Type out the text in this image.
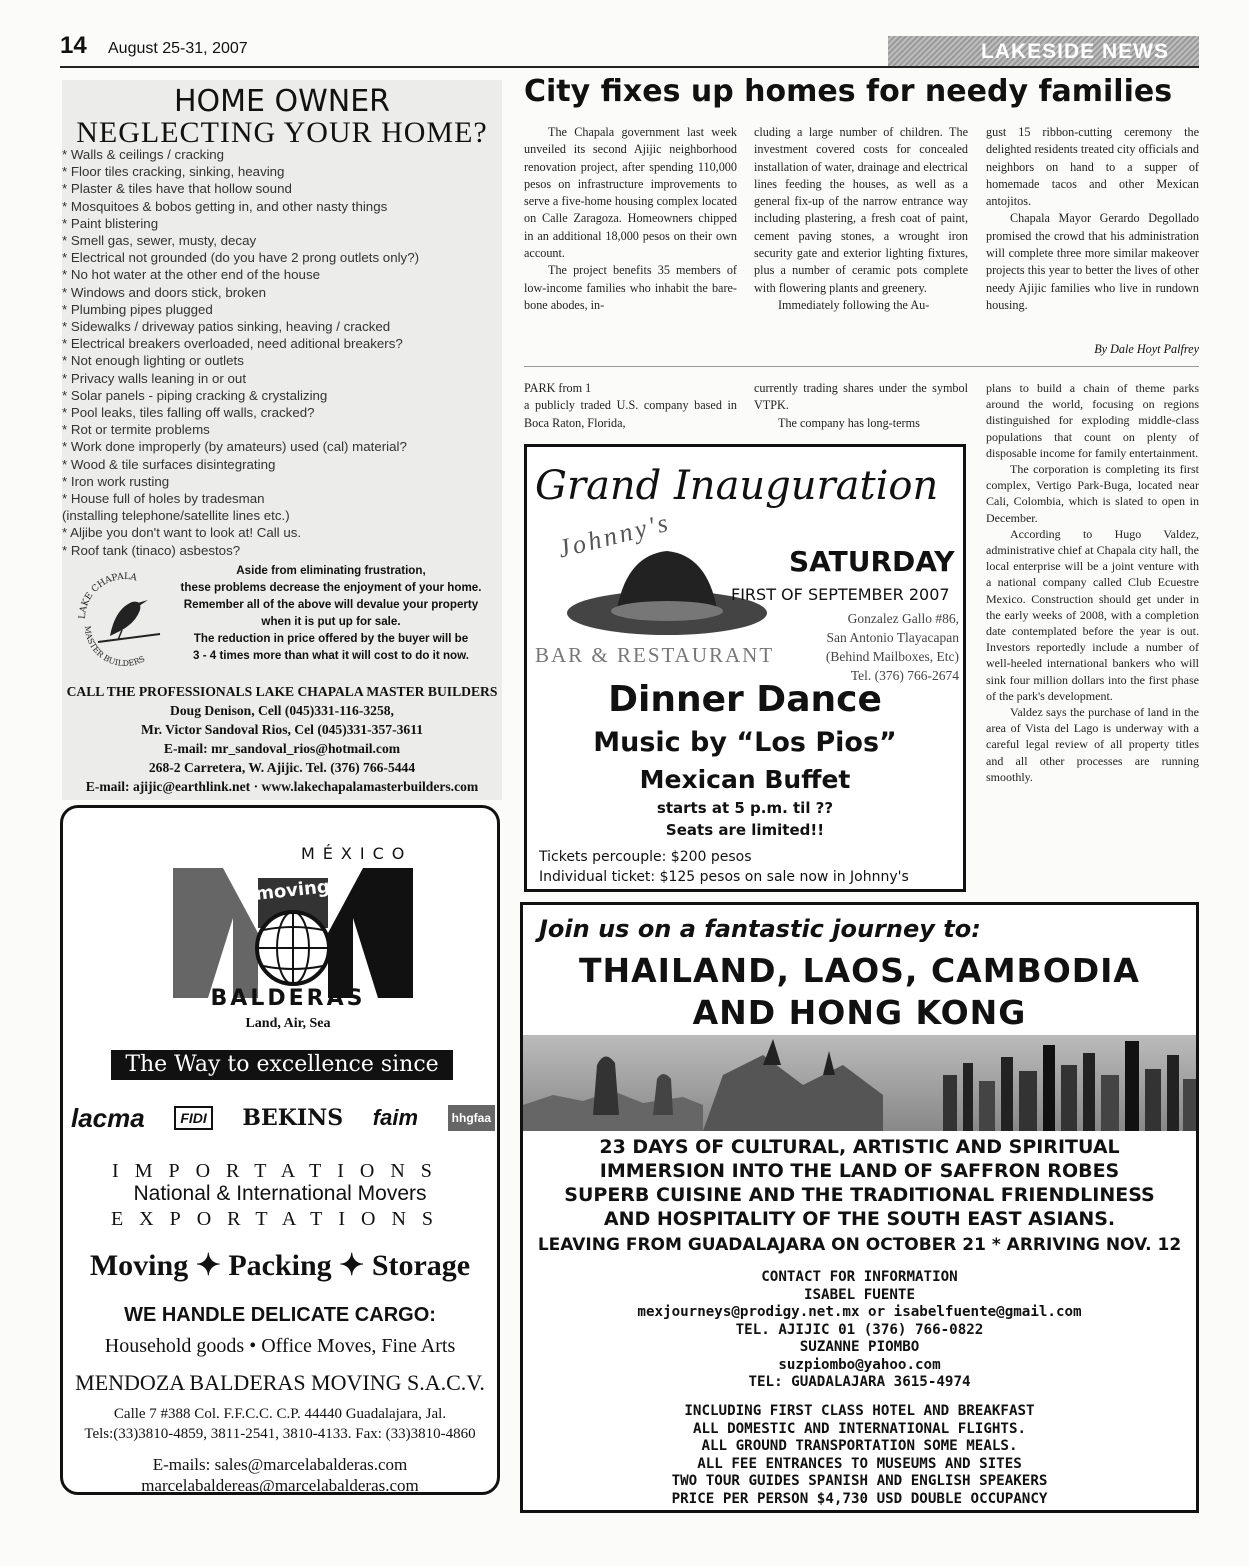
14 August 25-31, 2007	LAKESIDE NEWS
HOME OWNER
NEGLECTING YOUR HOME?
* Walls & ceilings / cracking
* Floor tiles cracking, sinking, heaving
* Plaster & tiles have that hollow sound
* Mosquitoes & bobos getting in, and other nasty things
* Paint blistering
* Smell gas, sewer, musty, decay
* Electrical not grounded (do you have 2 prong outlets only?)
* No hot water at the other end of the house
* Windows and doors stick, broken
* Plumbing pipes plugged
* Sidewalks / driveway patios sinking, heaving / cracked
* Electrical breakers overloaded, need aditional breakers?
* Not enough lighting or outlets
* Privacy walls leaning in or out
* Solar panels - piping cracking & crystalizing
* Pool leaks, tiles falling off walls, cracked?
* Rot or termite problems
* Work done improperly (by amateurs) used (cal) material?
* Wood & tile surfaces disintegrating
* Iron work rusting
* House full of holes by tradesman
(installing telephone/satellite lines etc.)
* Aljibe you don't want to look at! Call us.
* Roof tank (tinaco) asbestos?
LAKE CHAPALA
MASTER BUILDERS
Aside from eliminating frustration,
these problems decrease the enjoyment of your home.
Remember all of the above will devalue your property
when it is put up for sale.
The reduction in price offered by the buyer will be
3 - 4 times more than what it will cost to do it now.
CALL THE PROFESSIONALS LAKE CHAPALA MASTER BUILDERS
Doug Denison, Cell (045)331-116-3258,
Mr. Victor Sandoval Rios, Cel (045)331-357-3611
E-mail: mr_sandoval_rios@hotmail.com
268-2 Carretera, W. Ajijic. Tel. (376) 766-5444
E-mail: ajijic@earthlink.net · www.lakechapalamasterbuilders.com
moving
MÉXICO
BALDERAS
Land, Air, Sea
The Way to excellence since 1950
lacma	FIDI BEKINS faim	hhgfaa
IMPORTATIONS
National & International Movers
EXPORTATIONS
Moving ✦ Packing ✦ Storage
WE HANDLE DELICATE CARGO:
Household goods • Office Moves, Fine Arts
MENDOZA BALDERAS MOVING S.A.C.V.
Calle 7 #388 Col. F.F.C.C. C.P. 44440 Guadalajara, Jal.
Tels:(33)3810-4859, 3811-2541, 3810-4133. Fax: (33)3810-4860
E-mails: sales@marcelabalderas.com
marcelabaldereas@marcelabalderas.com
City fixes up homes for needy families

The Chapala government last week unveiled its second Ajijic neighborhood renovation project, after spending 110,000 pesos on infrastructure improvements to serve a five-home housing complex located on Calle Zaragoza. Homeowners chipped in an additional 18,000 pesos on their own account.

The project benefits 35 members of low-income families who inhabit the bare-bone abodes, in-

cluding a large number of children. The investment covered costs for concealed installation of water, drainage and electrical lines feeding the houses, as well as a general fix-up of the narrow entrance way including plastering, a fresh coat of paint, cement paving stones, a wrought iron security gate and exterior lighting fixtures, plus a number of ceramic pots complete with flowering plants and greenery.

Immediately following the Au-

gust 15 ribbon-cutting ceremony the delighted residents treated city officials and neighbors on hand to a supper of homemade tacos and other Mexican antojitos.

Chapala Mayor Gerardo Degollado promised the crowd that his administration will complete three more similar makeover projects this year to better the lives of other needy Ajijic families who live in rundown housing.

By Dale Hoyt Palfrey
PARK from 1
a publicly traded U.S. company based in Boca Raton, Florida,

currently trading shares under the symbol VTPK.

The company has long-terms

plans to build a chain of theme parks around the world, focusing on regions distinguished for exploding middle-class populations that count on plenty of disposable income for family entertainment.

The corporation is completing its first complex, Vertigo Park-Buga, located near Cali, Colombia, which is slated to open in December.

According to Hugo Valdez, administrative chief at Chapala city hall, the local enterprise will be a joint venture with a national company called Club Ecuestre Mexico. Construction should get under in the early weeks of 2008, with a completion date contemplated before the year is out. Investors reportedly include a number of well-heeled international bankers who will sink four million dollars into the first phase of the park's development.

Valdez says the purchase of land in the area of Vista del Lago is underway with a careful legal review of all property titles and all other processes are running smoothly.

Grand Inauguration
Johnny's	SATURDAY
FIRST OF SEPTEMBER 2007
Gonzalez Gallo #86,
San Antonio Tlayacapan
(Behind Mailboxes, Etc)
Tel. (376) 766-2674
BAR & RESTAURANT
Dinner Dance
Music by “Los Pios”
Mexican Buffet
starts at 5 p.m. til ??
Seats are limited!!
Tickets percouple: $200 pesos
Individual ticket: $125 pesos on sale now in Johnny's
Join us on a fantastic journey to:
THAILAND, LAOS, CAMBODIA
AND HONG KONG
23 DAYS OF CULTURAL, ARTISTIC AND SPIRITUAL
IMMERSION INTO THE LAND OF SAFFRON ROBES
SUPERB CUISINE AND THE TRADITIONAL FRIENDLINESS
AND HOSPITALITY OF THE SOUTH EAST ASIANS.
LEAVING FROM GUADALAJARA ON OCTOBER 21 * ARRIVING NOV. 12
CONTACT FOR INFORMATION
ISABEL FUENTE
mexjourneys@prodigy.net.mx or isabelfuente@gmail.com
TEL. AJIJIC 01 (376) 766-0822
SUZANNE PIOMBO
suzpiombo@yahoo.com
TEL: GUADALAJARA 3615-4974
INCLUDING FIRST CLASS HOTEL AND BREAKFAST
ALL DOMESTIC AND INTERNATIONAL FLIGHTS.
ALL GROUND TRANSPORTATION SOME MEALS.
ALL FEE ENTRANCES TO MUSEUMS AND SITES
TWO TOUR GUIDES SPANISH AND ENGLISH SPEAKERS
PRICE PER PERSON $4,730 USD DOUBLE OCCUPANCY
